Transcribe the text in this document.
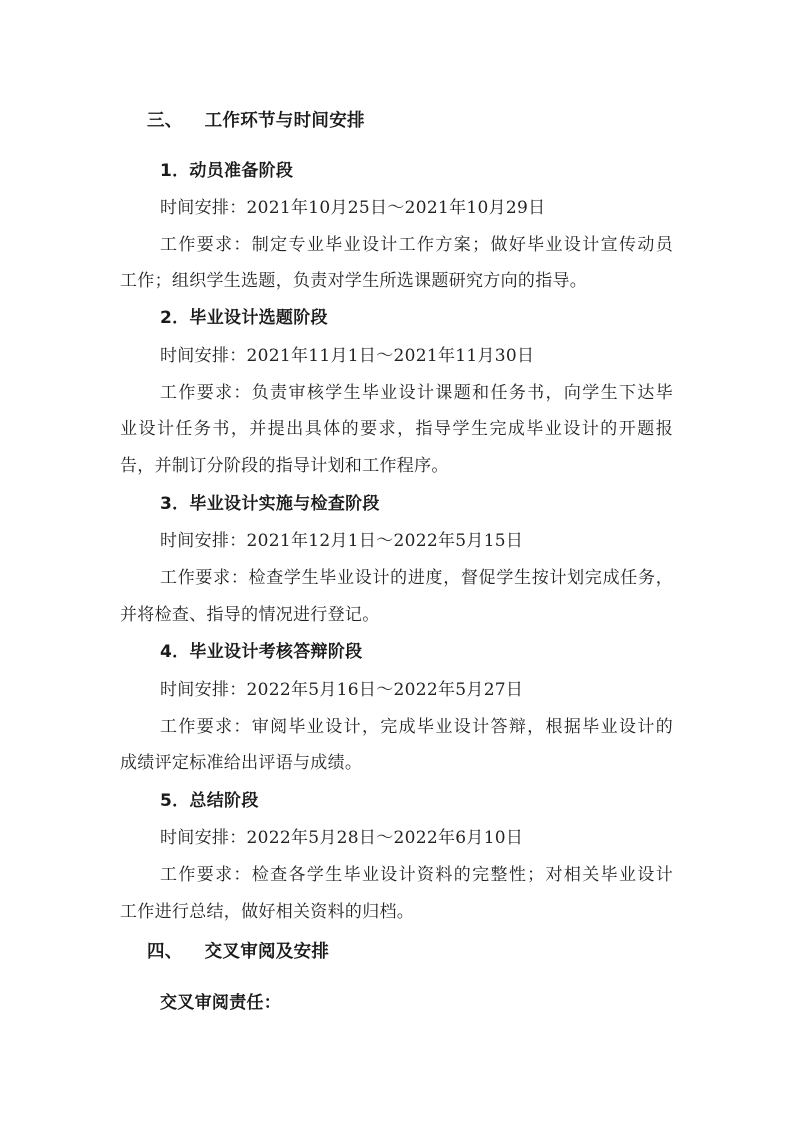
三、 工作环节与时间安排
1．动员准备阶段
时间安排：2021年10月25日～2021年10月29日
工作要求：制定专业毕业设计工作方案；做好毕业设计宣传动员
工作；组织学生选题，负责对学生所选课题研究方向的指导。
2．毕业设计选题阶段
时间安排：2021年11月1日～2021年11月30日
工作要求：负责审核学生毕业设计课题和任务书，向学生下达毕
业设计任务书，并提出具体的要求，指导学生完成毕业设计的开题报
告，并制订分阶段的指导计划和工作程序。
3．毕业设计实施与检查阶段
时间安排：2021年12月1日～2022年5月15日
工作要求：检查学生毕业设计的进度，督促学生按计划完成任务，
并将检查、指导的情况进行登记。
4．毕业设计考核答辩阶段
时间安排：2022年5月16日～2022年5月27日
工作要求：审阅毕业设计，完成毕业设计答辩，根据毕业设计的
成绩评定标准给出评语与成绩。
5．总结阶段
时间安排：2022年5月28日～2022年6月10日
工作要求：检查各学生毕业设计资料的完整性；对相关毕业设计
工作进行总结，做好相关资料的归档。
四、 交叉审阅及安排
交叉审阅责任：
